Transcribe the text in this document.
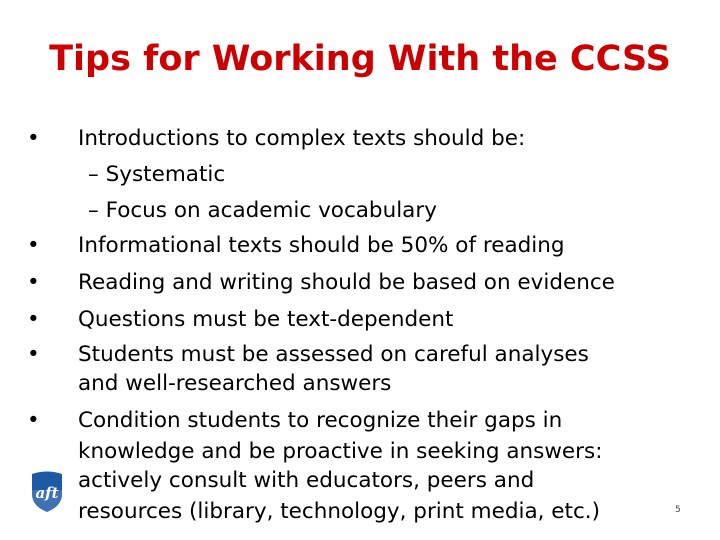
Tips for Working With the CCSS
• Introductions to complex texts should be:
– Systematic
– Focus on academic vocabulary
• Informational texts should be 50% of reading
• Reading and writing should be based on evidence
• Questions must be text-dependent
• Students must be assessed on careful analyses
and well-researched answers
• Condition students to recognize their gaps in
knowledge and be proactive in seeking answers:
actively consult with educators, peers and
resources (library, technology, print media, etc.)
aft
5
